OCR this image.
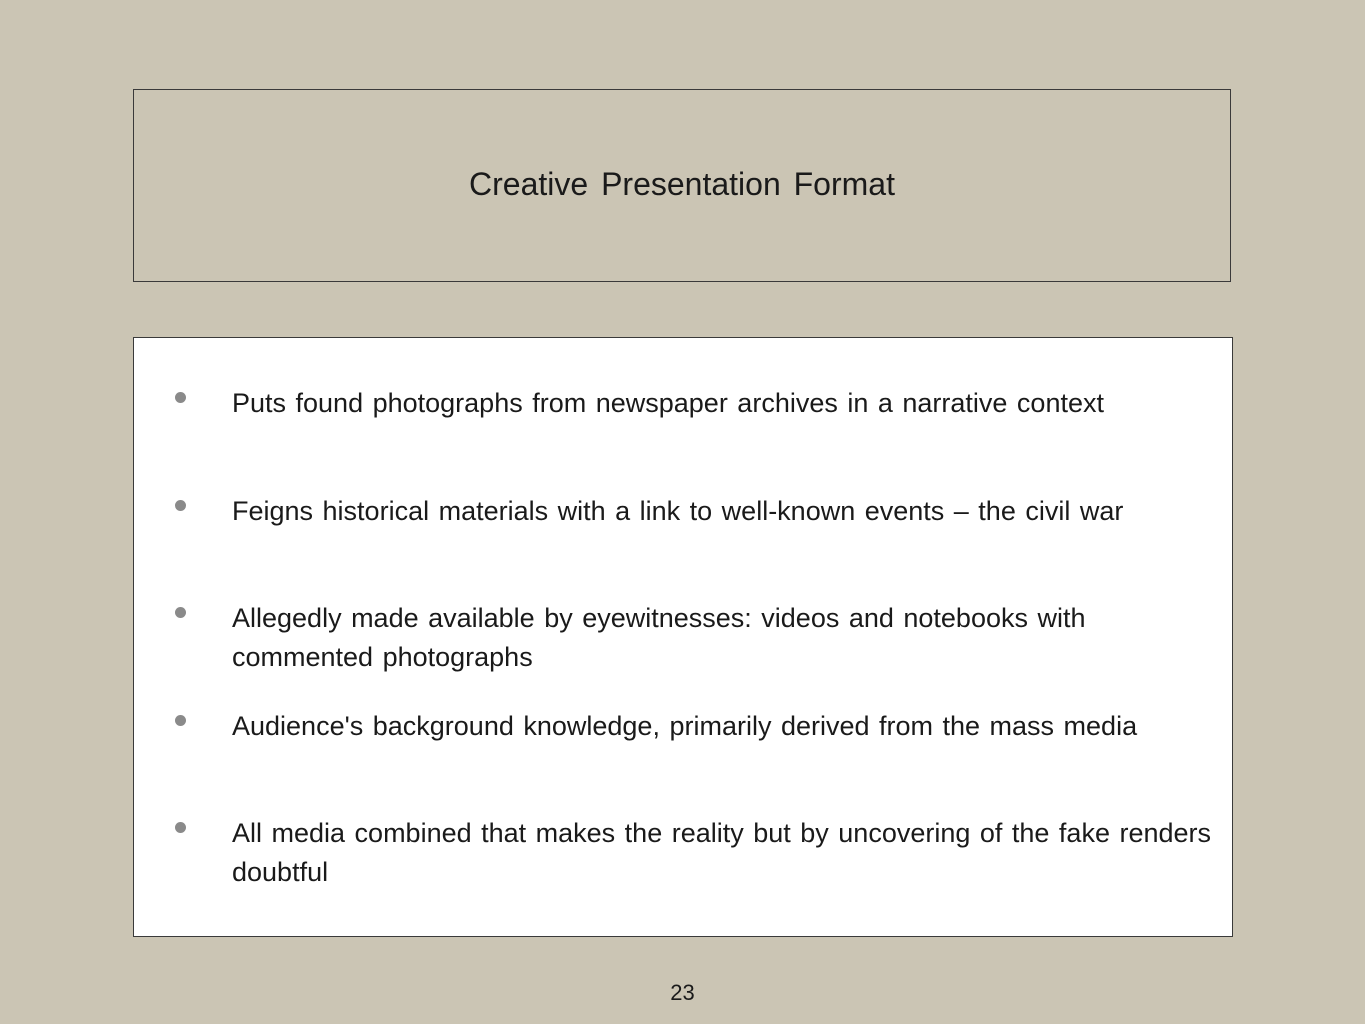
Creative Presentation Format
Puts found photographs from newspaper archives in a narrative context
Feigns historical materials with a link to well-known events – the civil war
Allegedly made available by eyewitnesses: videos and notebooks with commented photographs
Audience's background knowledge, primarily derived from the mass media
All media combined that makes the reality but by uncovering of the fake renders doubtful
23
